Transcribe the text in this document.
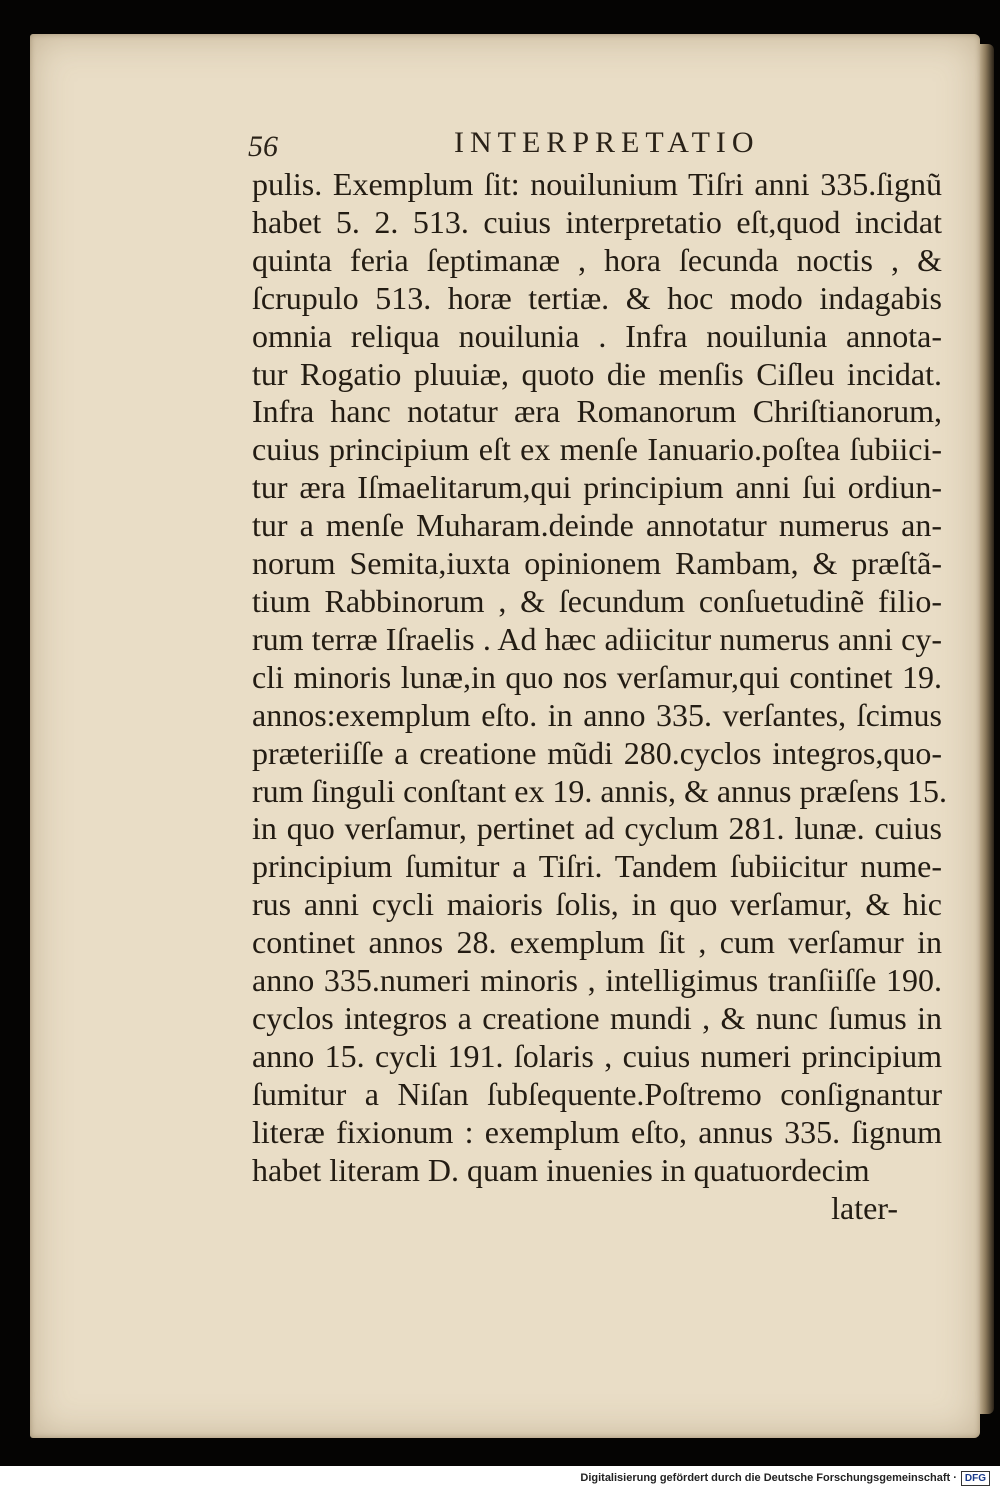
56	INTERPRETATIO
pulis. Exemplum ſit: nouilunium Tiſri anni 335.ſignũ
habet 5. 2. 513. cuius interpretatio eſt,quod incidat
quinta feria ſeptimanæ , hora ſecunda noctis , &
ſcrupulo 513. horæ tertiæ. & hoc modo indagabis
omnia reliqua nouilunia . Infra nouilunia annota-
tur Rogatio pluuiæ, quoto die menſis Ciſleu incidat.
Infra hanc notatur æra Romanorum Chriſtianorum,
cuius principium eſt ex menſe Ianuario.poſtea ſubiici-
tur æra Iſmaelitarum,qui principium anni ſui ordiun-
tur a menſe Muharam.deinde annotatur numerus an-
norum Semita,iuxta opinionem Rambam, & præſtã-
tium Rabbinorum , & ſecundum conſuetudinẽ filio-
rum terræ Iſraelis . Ad hæc adiicitur numerus anni cy-
cli minoris lunæ,in quo nos verſamur,qui continet 19.
annos:exemplum eſto. in anno 335. verſantes, ſcimus
præteriiſſe a creatione mũdi 280.cyclos integros,quo-
rum ſinguli conſtant ex 19. annis, & annus præſens 15.
in quo verſamur, pertinet ad cyclum 281. lunæ. cuius
principium ſumitur a Tiſri. Tandem ſubiicitur nume-
rus anni cycli maioris ſolis, in quo verſamur, & hic
continet annos 28. exemplum ſit , cum verſamur in
anno 335.numeri minoris , intelligimus tranſiiſſe 190.
cyclos integros a creatione mundi , & nunc ſumus in
anno 15. cycli 191. ſolaris , cuius numeri principium
ſumitur a Niſan ſubſequente.Poſtremo conſignantur
literæ fixionum : exemplum eſto, annus 335. ſignum
habet literam D. quam inuenies in quatuordecim
later-
Digitalisierung gefördert durch die Deutsche Forschungsgemeinschaft · DFG
